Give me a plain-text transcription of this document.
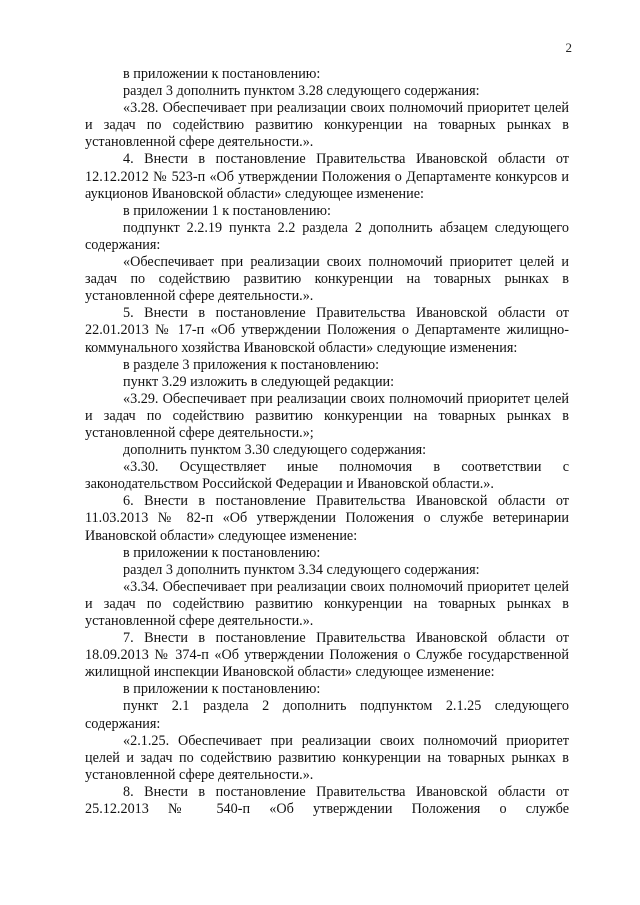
2

в приложении к постановлению:

раздел 3 дополнить пунктом 3.28 следующего содержания:

«3.28. Обеспечивает при реализации своих полномочий приоритет целей и задач по содействию развитию конкуренции на товарных рынках в установленной сфере деятельности.».

4. Внести в постановление Правительства Ивановской области от 12.12.2012 № 523-п «Об утверждении Положения о Департаменте конкурсов и аукционов Ивановской области» следующее изменение:

в приложении 1 к постановлению:

подпункт 2.2.19 пункта 2.2 раздела 2 дополнить абзацем следующего содержания:

«Обеспечивает при реализации своих полномочий приоритет целей и задач по содействию развитию конкуренции на товарных рынках в установленной сфере деятельности.».

5. Внести в постановление Правительства Ивановской области от 22.01.2013 № 17-п «Об утверждении Положения о Департаменте жилищно-коммунального хозяйства Ивановской области» следующие изменения:

в разделе 3 приложения к постановлению:

пункт 3.29 изложить в следующей редакции:

«3.29. Обеспечивает при реализации своих полномочий приоритет целей и задач по содействию развитию конкуренции на товарных рынках в установленной сфере деятельности.»;

дополнить пунктом 3.30 следующего содержания:

«3.30. Осуществляет иные полномочия в соответствии с законодательством Российской Федерации и Ивановской области.».

6. Внести в постановление Правительства Ивановской области от 11.03.2013 № 82-п «Об утверждении Положения о службе ветеринарии Ивановской области» следующее изменение:

в приложении к постановлению:

раздел 3 дополнить пунктом 3.34 следующего содержания:

«3.34. Обеспечивает при реализации своих полномочий приоритет целей и задач по содействию развитию конкуренции на товарных рынках в установленной сфере деятельности.».

7. Внести в постановление Правительства Ивановской области от 18.09.2013 № 374-п «Об утверждении Положения о Службе государственной жилищной инспекции Ивановской области» следующее изменение:

в приложении к постановлению:

пункт 2.1 раздела 2 дополнить подпунктом 2.1.25 следующего содержания:

«2.1.25. Обеспечивает при реализации своих полномочий приоритет целей и задач по содействию развитию конкуренции на товарных рынках в установленной сфере деятельности.».

8. Внести в постановление Правительства Ивановской области от 25.12.2013 № 540-п «Об утверждении Положения о службе
